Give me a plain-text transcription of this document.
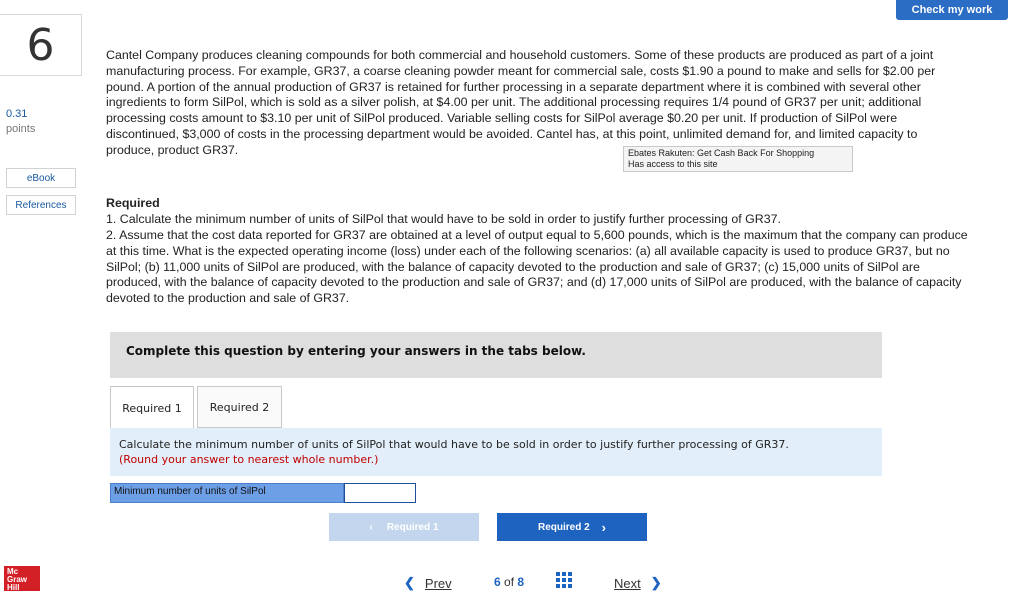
6
0.31
points
eBook
References
Check my work
Cantel Company produces cleaning compounds for both commercial and household customers. Some of these products are produced as part of a joint manufacturing process. For example, GR37, a coarse cleaning powder meant for commercial sale, costs $1.90 a pound to make and sells for $2.00 per pound. A portion of the annual production of GR37 is retained for further processing in a separate department where it is combined with several other ingredients to form SilPol, which is sold as a silver polish, at $4.00 per unit. The additional processing requires 1/4 pound of GR37 per unit; additional processing costs amount to $3.10 per unit of SilPol produced. Variable selling costs for SilPol average $0.20 per unit. If production of SilPol were discontinued, $3,000 of costs in the processing department would be avoided. Cantel has, at this point, unlimited demand for, and limited capacity to produce, product GR37.
Required
1. Calculate the minimum number of units of SilPol that would have to be sold in order to justify further processing of GR37.
2. Assume that the cost data reported for GR37 are obtained at a level of output equal to 5,600 pounds, which is the maximum that the company can produce at this time. What is the expected operating income (loss) under each of the following scenarios: (a) all available capacity is used to produce GR37, but no SilPol; (b) 11,000 units of SilPol are produced, with the balance of capacity devoted to the production and sale of GR37; (c) 15,000 units of SilPol are produced, with the balance of capacity devoted to the production and sale of GR37; and (d) 17,000 units of SilPol are produced, with the balance of capacity devoted to the production and sale of GR37.
Ebates Rakuten: Get Cash Back For Shopping
Has access to this site
Complete this question by entering your answers in the tabs below.
Required 1	Required 2
Calculate the minimum number of units of SilPol that would have to be sold in order to justify further processing of GR37.
(Round your answer to nearest whole number.)
Minimum number of units of SilPol
‹ Required 1	Required 2 ›
❮ Prev	6 of 8	Next ❯
Mc
Graw
Hill
